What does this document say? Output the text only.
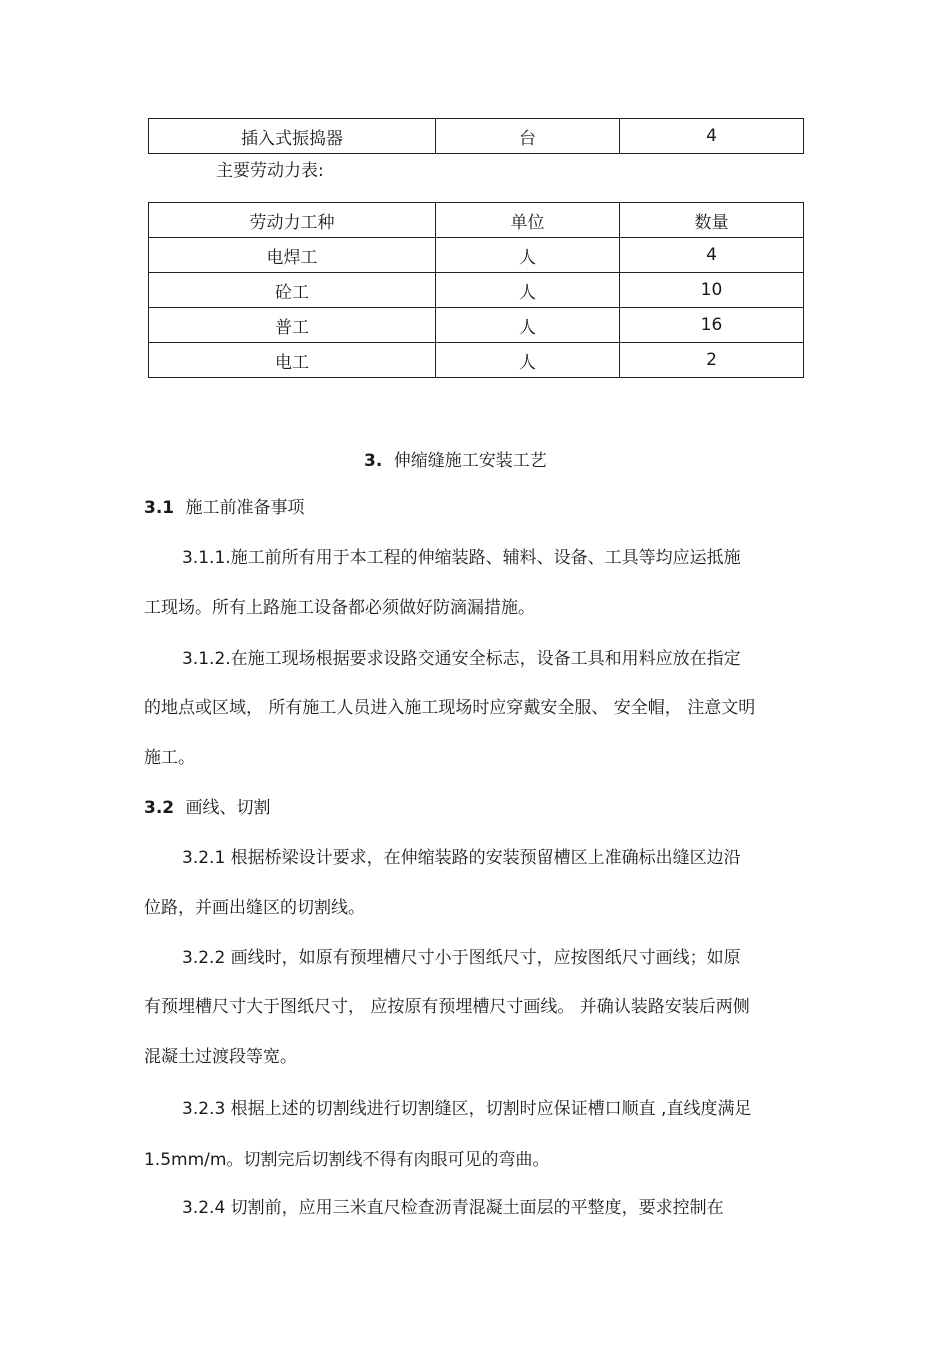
插入式振捣器	台	4
主要劳动力表:
劳动力工种	单位	数量
电焊工	人	4
砼工	人	10
普工	人	16
电工	人	2
3. 伸缩缝施工安装工艺
3.1 施工前准备事项
3.1.1.施工前所有用于本工程的伸缩装路、辅料、设备、工具等均应运抵施
工现场。所有上路施工设备都必须做好防滴漏措施。
3.1.2.在施工现场根据要求设路交通安全标志，设备工具和用料应放在指定
的地点或区域， 所有施工人员进入施工现场时应穿戴安全服、 安全帽， 注意文明
施工。
3.2 画线、切割
3.2.1 根据桥梁设计要求，在伸缩装路的安装预留槽区上准确标出缝区边沿
位路，并画出缝区的切割线。
3.2.2 画线时，如原有预埋槽尺寸小于图纸尺寸，应按图纸尺寸画线；如原
有预埋槽尺寸大于图纸尺寸， 应按原有预埋槽尺寸画线。 并确认装路安装后两侧
混凝土过渡段等宽。
3.2.3 根据上述的切割线进行切割缝区，切割时应保证槽口顺直 ,直线度满足
1.5mm/m。切割完后切割线不得有肉眼可见的弯曲。
3.2.4 切割前，应用三米直尺检查沥青混凝土面层的平整度，要求控制在
